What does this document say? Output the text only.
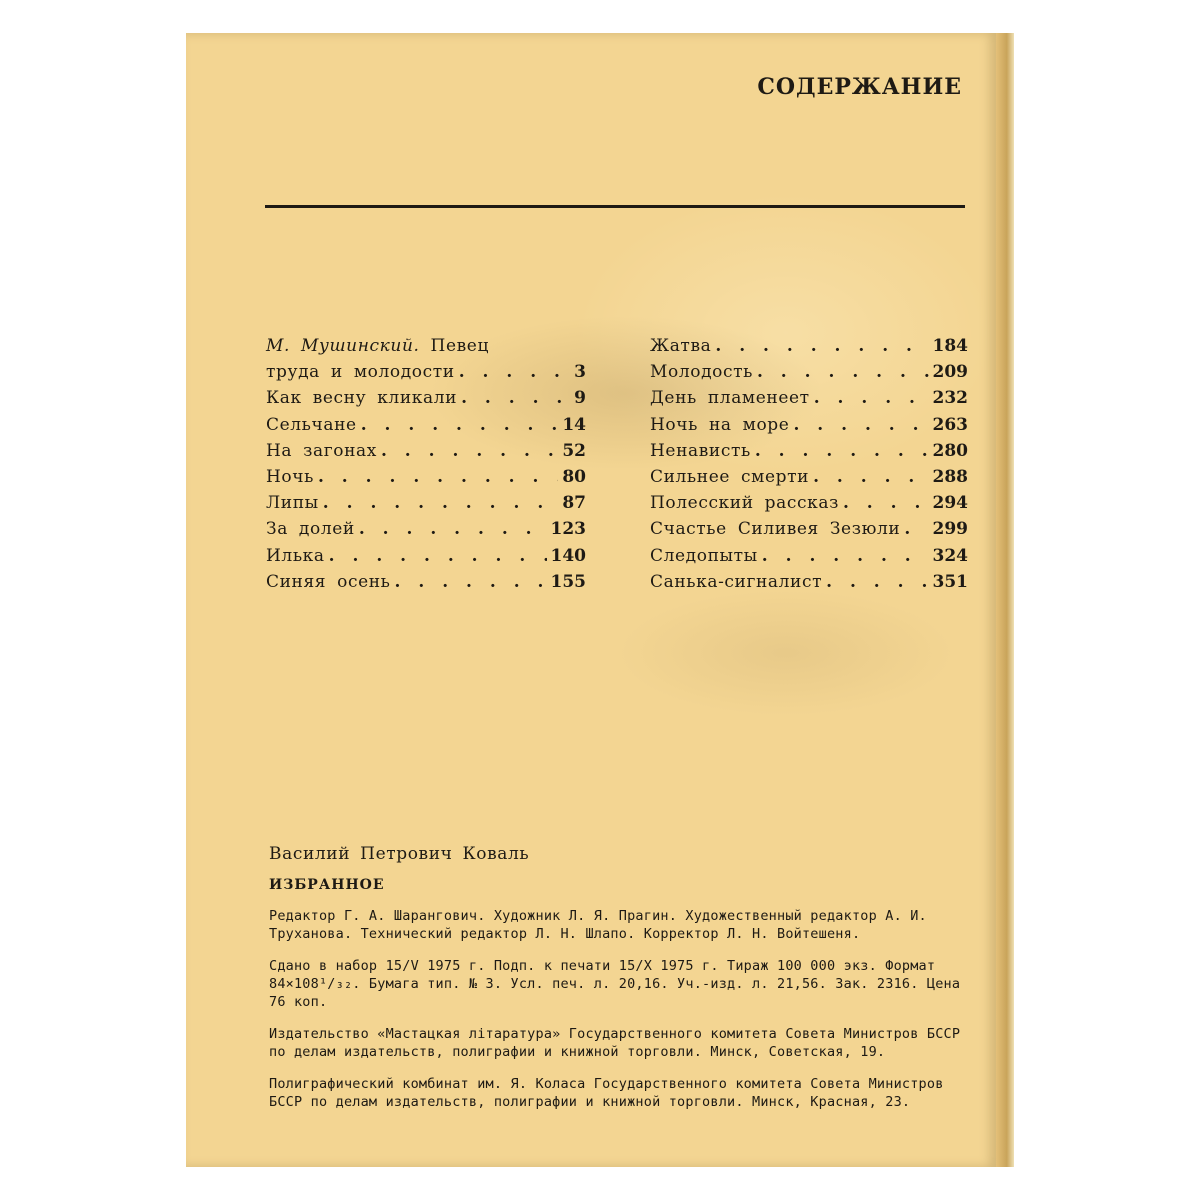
СОДЕРЖАНИЕ
М. Мушинский. Певец
труда и молодости . . .	3
Как весну кликали . . .	9
Сельчане . . .	14
На загонах . . .	52
Ночь . . .	80
Липы . . .	87
За долей . . .	123
Илька . . .	140
Синяя осень . . .	155
Жатва . . .	184
Молодость . . .	209
День пламенеет . . .	232
Ночь на море . . .	263
Ненависть . . .	280
Сильнее смерти . . .	288
Полесский рассказ . . .	294
Счастье Силивея Зезюли . . . 299
Следопыты . . .	324
Санька-сигналист . . .	351
Василий Петрович Коваль
ИЗБРАННОЕ
Редактор Г. А. Шарангович. Художник Л. Я. Прагин. Художественный редактор А. И. Труханова. Технический редактор Л. Н. Шлапо. Корректор Л. Н. Войтешеня.
Сдано в набор 15/V 1975 г. Подп. к печати 15/X 1975 г. Тираж 100 000 экз. Формат 84×108¹/₃₂. Бумага тип. № 3. Усл. печ. л. 20,16. Уч.-изд. л. 21,56. Зак. 2316. Цена 76 коп.
Издательство «Мастацкая літаратура» Государственного комитета Совета Министров БССР по делам издательств, полиграфии и книжной торговли. Минск, Советская, 19.
Полиграфический комбинат им. Я. Коласа Государственного комитета Совета Министров БССР по делам издательств, полиграфии и книжной торговли. Минск, Красная, 23.
